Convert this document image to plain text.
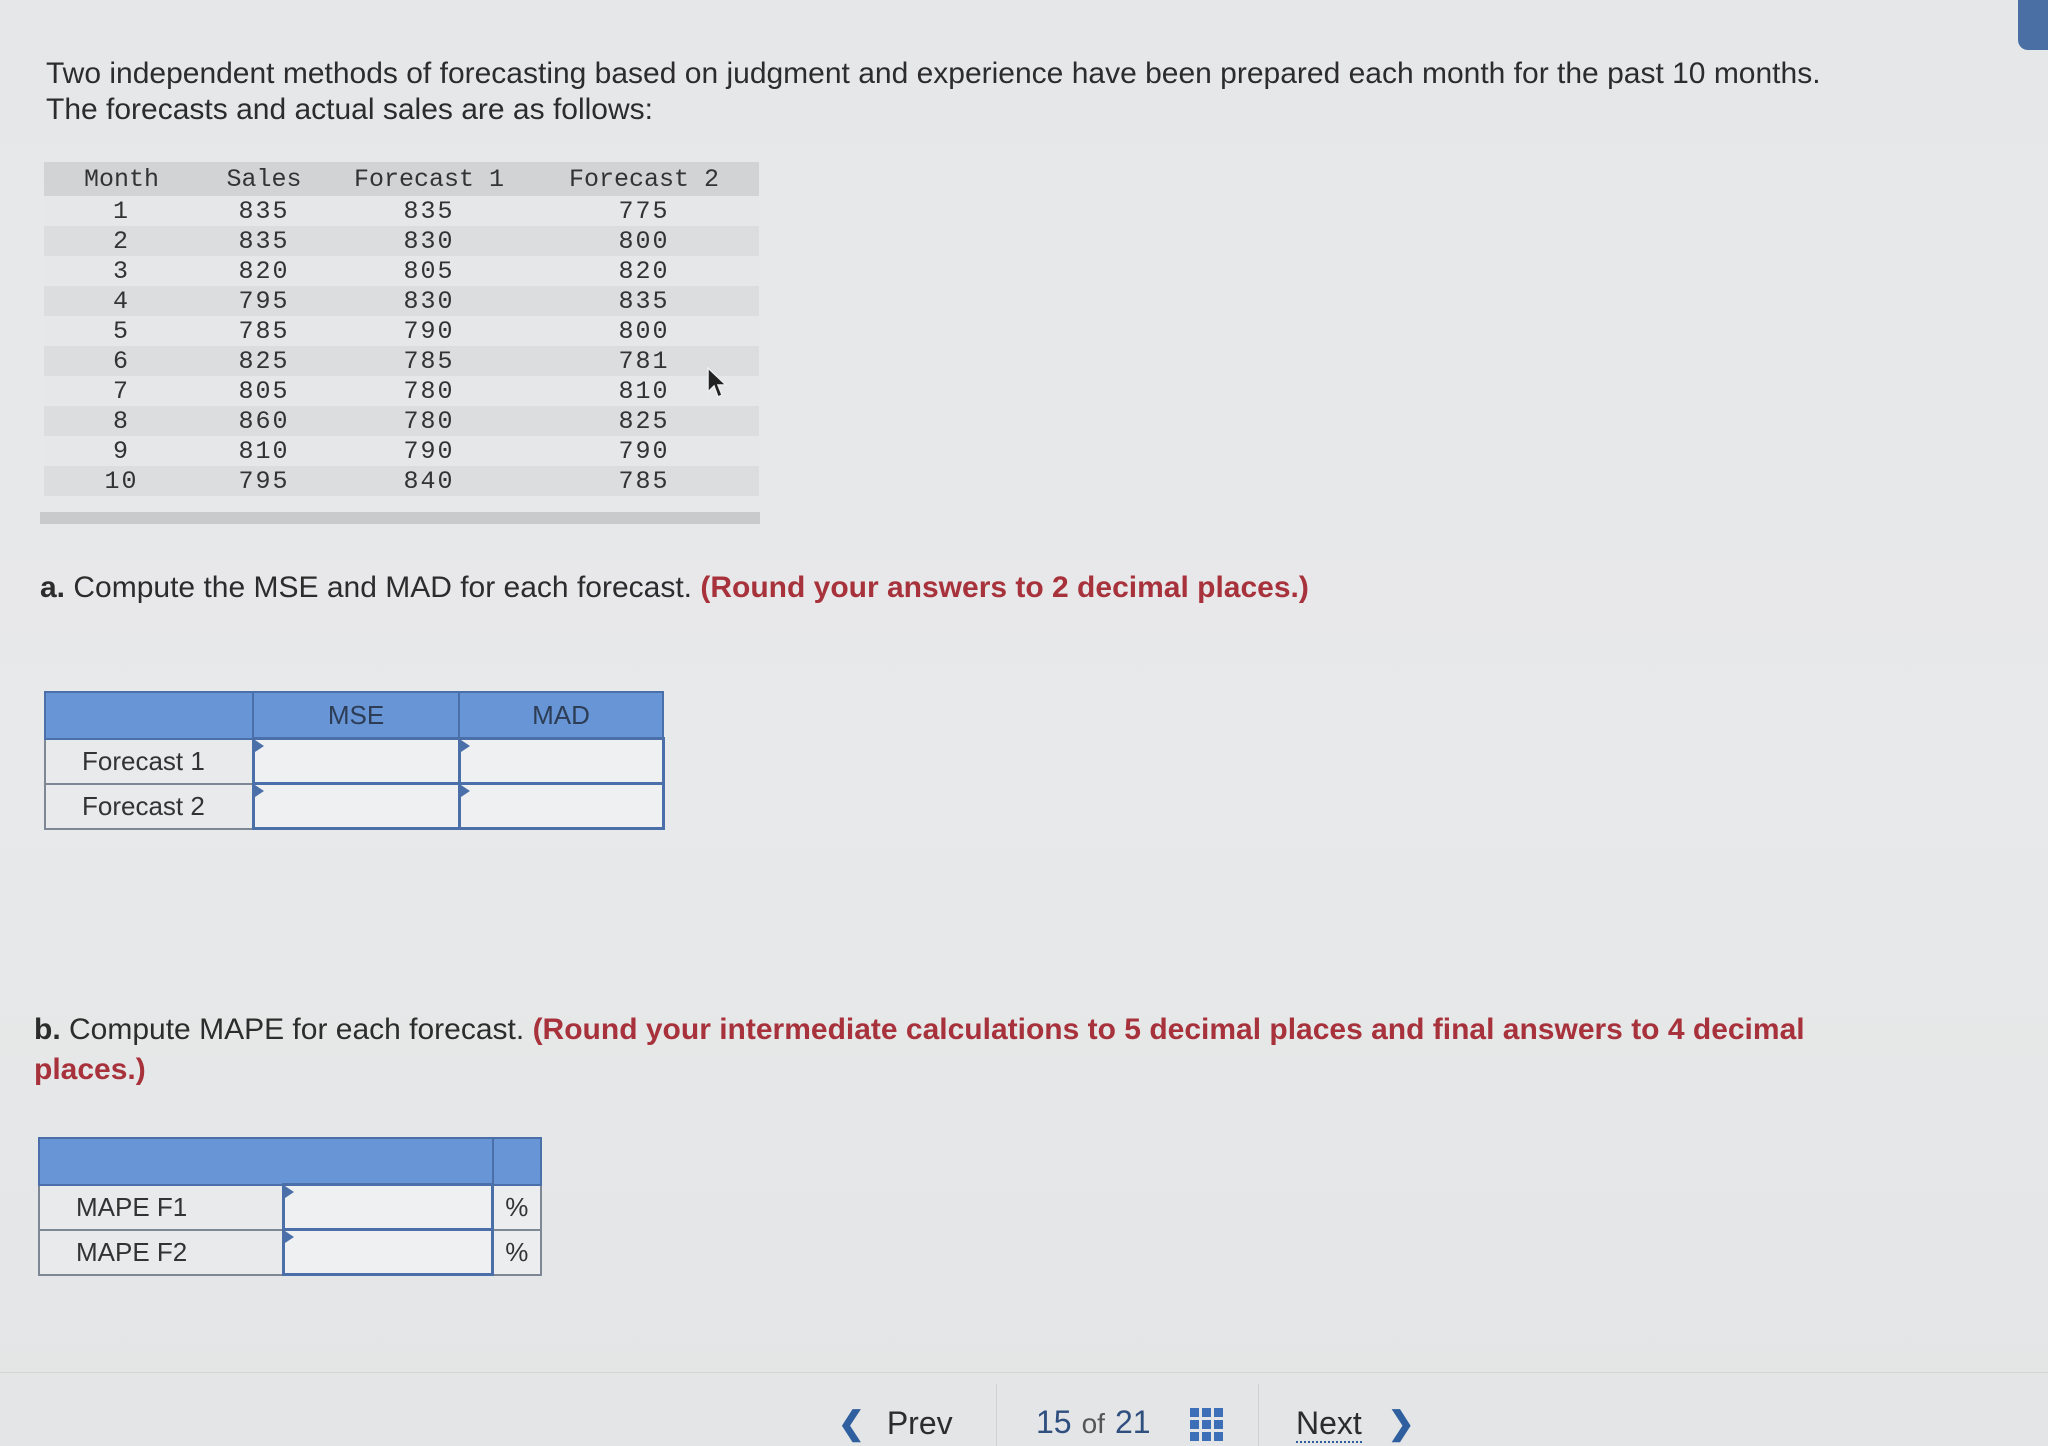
Two independent methods of forecasting based on judgment and experience have been prepared each month for the past 10 months.
The forecasts and actual sales are as follows:
Month	Sales	Forecast 1	Forecast 2
1	835	835	775
2	835	830	800
3	820	805	820
4	795	830	835
5	785	790	800
6	825	785	781
7	805	780	810
8	860	780	825
9	810	790	790
10	795	840	785
a. Compute the MSE and MAD for each forecast. (Round your answers to 2 decimal places.)
	MSE	MAD
Forecast 1		
Forecast 2		
b. Compute MAPE for each forecast. (Round your intermediate calculations to 5 decimal places and final answers to 4 decimal places.)

MAPE F1		%
MAPE F2		%
❮ Prev	15 of 21	Next ❯
